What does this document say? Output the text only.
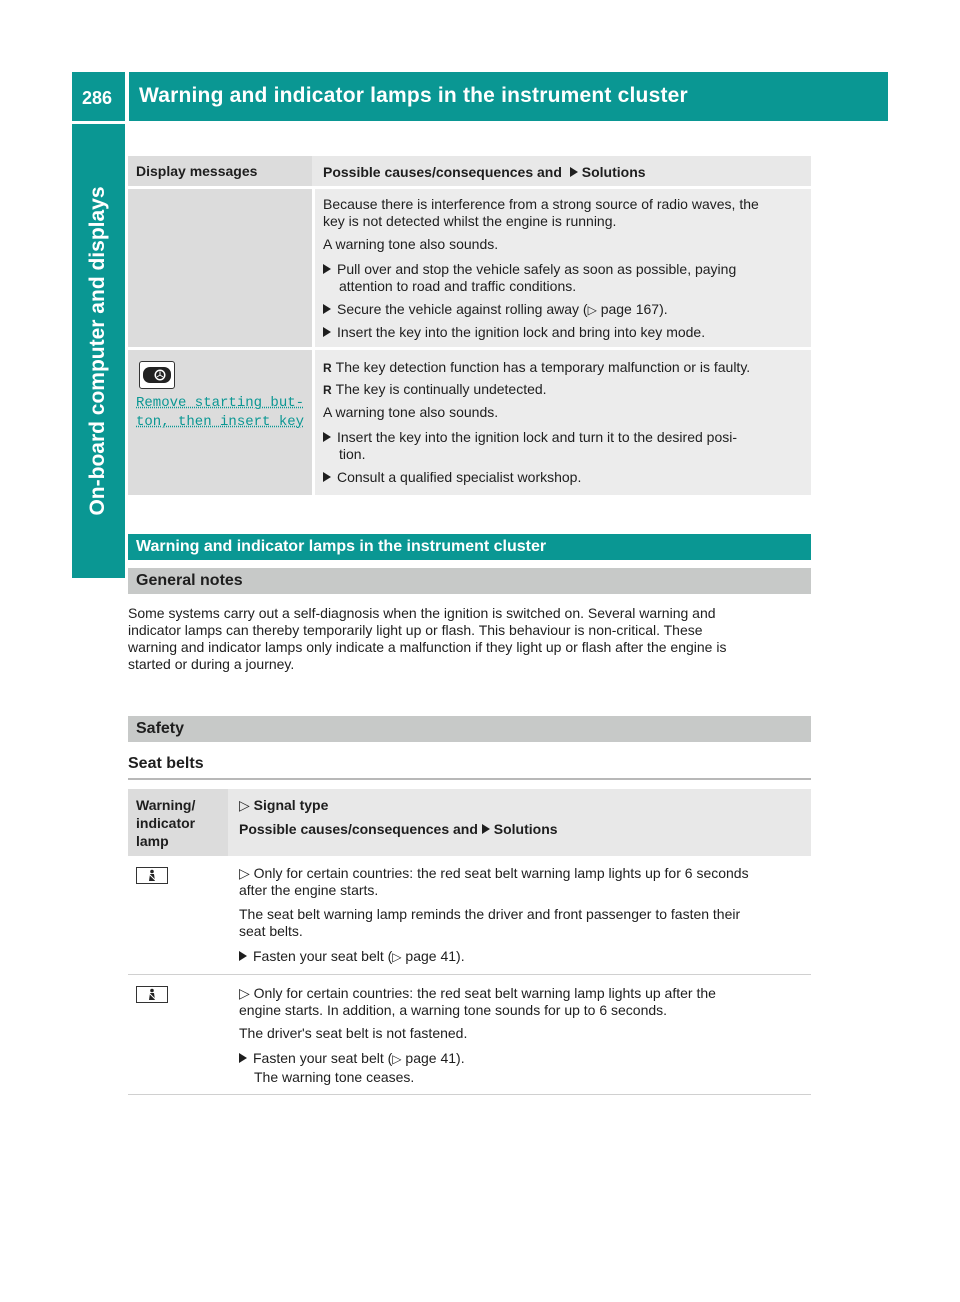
286 Warning and indicator lamps in the instrument cluster
On-board computer and displays
Display messages	Possible causes/consequences and Solutions
Because there is interference from a strong source of radio waves, the
key is not detected whilst the engine is running.
A warning tone also sounds.
Pull over and stop the vehicle safely as soon as possible, paying
attention to road and traffic conditions.
Secure the vehicle against rolling away (▷ page 167).
Insert the key into the ignition lock and bring into key mode.
Remove starting but‐
ton, then insert key
R The key detection function has a temporary malfunction or is faulty.
R The key is continually undetected.
A warning tone also sounds.
Insert the key into the ignition lock and turn it to the desired posi‐
tion.
Consult a qualified specialist workshop.
Warning and indicator lamps in the instrument cluster
General notes
Some systems carry out a self-diagnosis when the ignition is switched on. Several warning and
indicator lamps can thereby temporarily light up or flash. This behaviour is non-critical. These
warning and indicator lamps only indicate a malfunction if they light up or flash after the engine is
started or during a journey.
Safety
Seat belts
Warning/
indicator
lamp
▷ Signal type
Possible causes/consequences and Solutions
▷ Only for certain countries: the red seat belt warning lamp lights up for 6 seconds
after the engine starts.
The seat belt warning lamp reminds the driver and front passenger to fasten their
seat belts.
Fasten your seat belt (▷ page 41).
▷ Only for certain countries: the red seat belt warning lamp lights up after the
engine starts. In addition, a warning tone sounds for up to 6 seconds.
The driver's seat belt is not fastened.
Fasten your seat belt (▷ page 41).
The warning tone ceases.
